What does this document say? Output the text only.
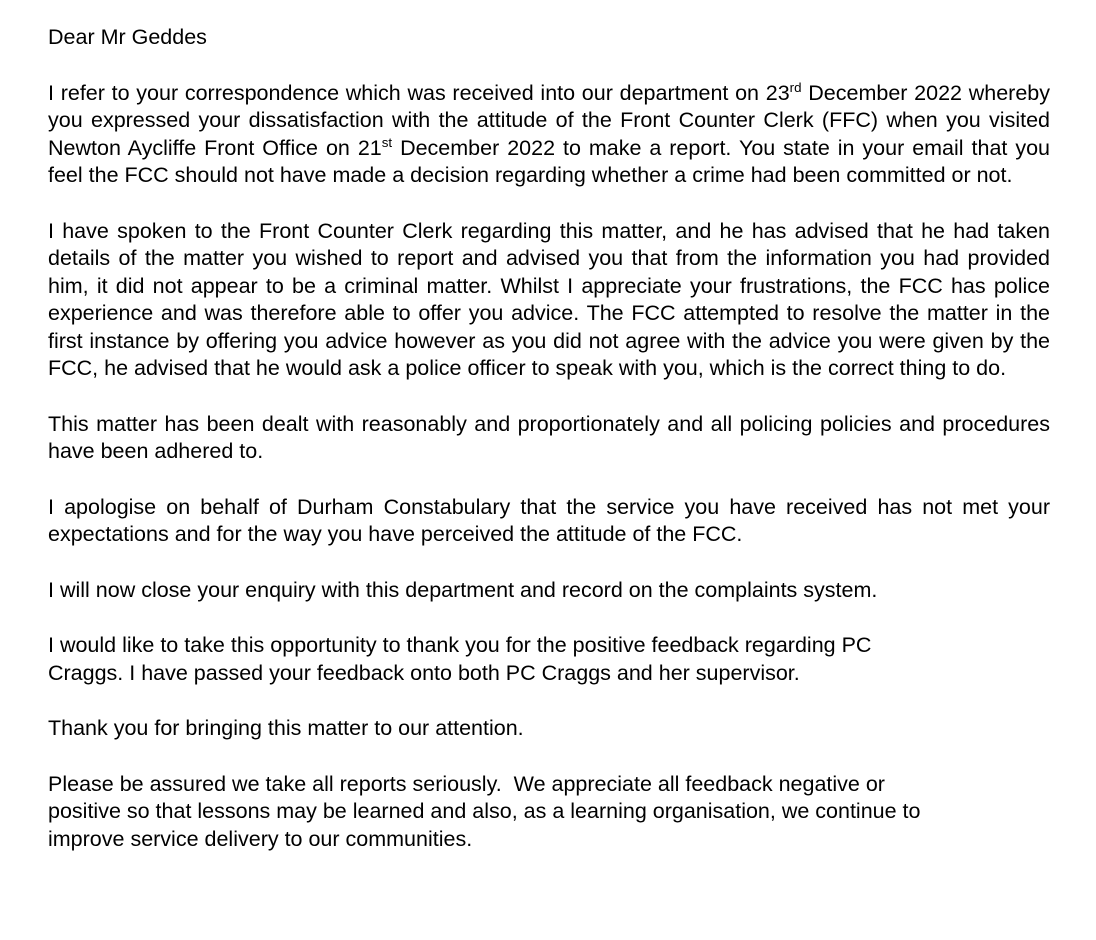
Dear Mr Geddes

I refer to your correspondence which was received into our department on 23rd December 2022 whereby you expressed your dissatisfaction with the attitude of the Front Counter Clerk (FFC) when you visited Newton Aycliffe Front Office on 21st December 2022 to make a report. You state in your email that you feel the FCC should not have made a decision regarding whether a crime had been committed or not.

I have spoken to the Front Counter Clerk regarding this matter, and he has advised that he had taken details of the matter you wished to report and advised you that from the information you had provided him, it did not appear to be a criminal matter. Whilst I appreciate your frustrations, the FCC has police experience and was therefore able to offer you advice. The FCC attempted to resolve the matter in the first instance by offering you advice however as you did not agree with the advice you were given by the FCC, he advised that he would ask a police officer to speak with you, which is the correct thing to do.

This matter has been dealt with reasonably and proportionately and all policing policies and procedures have been adhered to.

I apologise on behalf of Durham Constabulary that the service you have received has not met your expectations and for the way you have perceived the attitude of the FCC.

I will now close your enquiry with this department and record on the complaints system.

I would like to take this opportunity to thank you for the positive feedback regarding PC
Craggs. I have passed your feedback onto both PC Craggs and her supervisor.

Thank you for bringing this matter to our attention.

Please be assured we take all reports seriously.  We appreciate all feedback negative or
positive so that lessons may be learned and also, as a learning organisation, we continue to
improve service delivery to our communities.
